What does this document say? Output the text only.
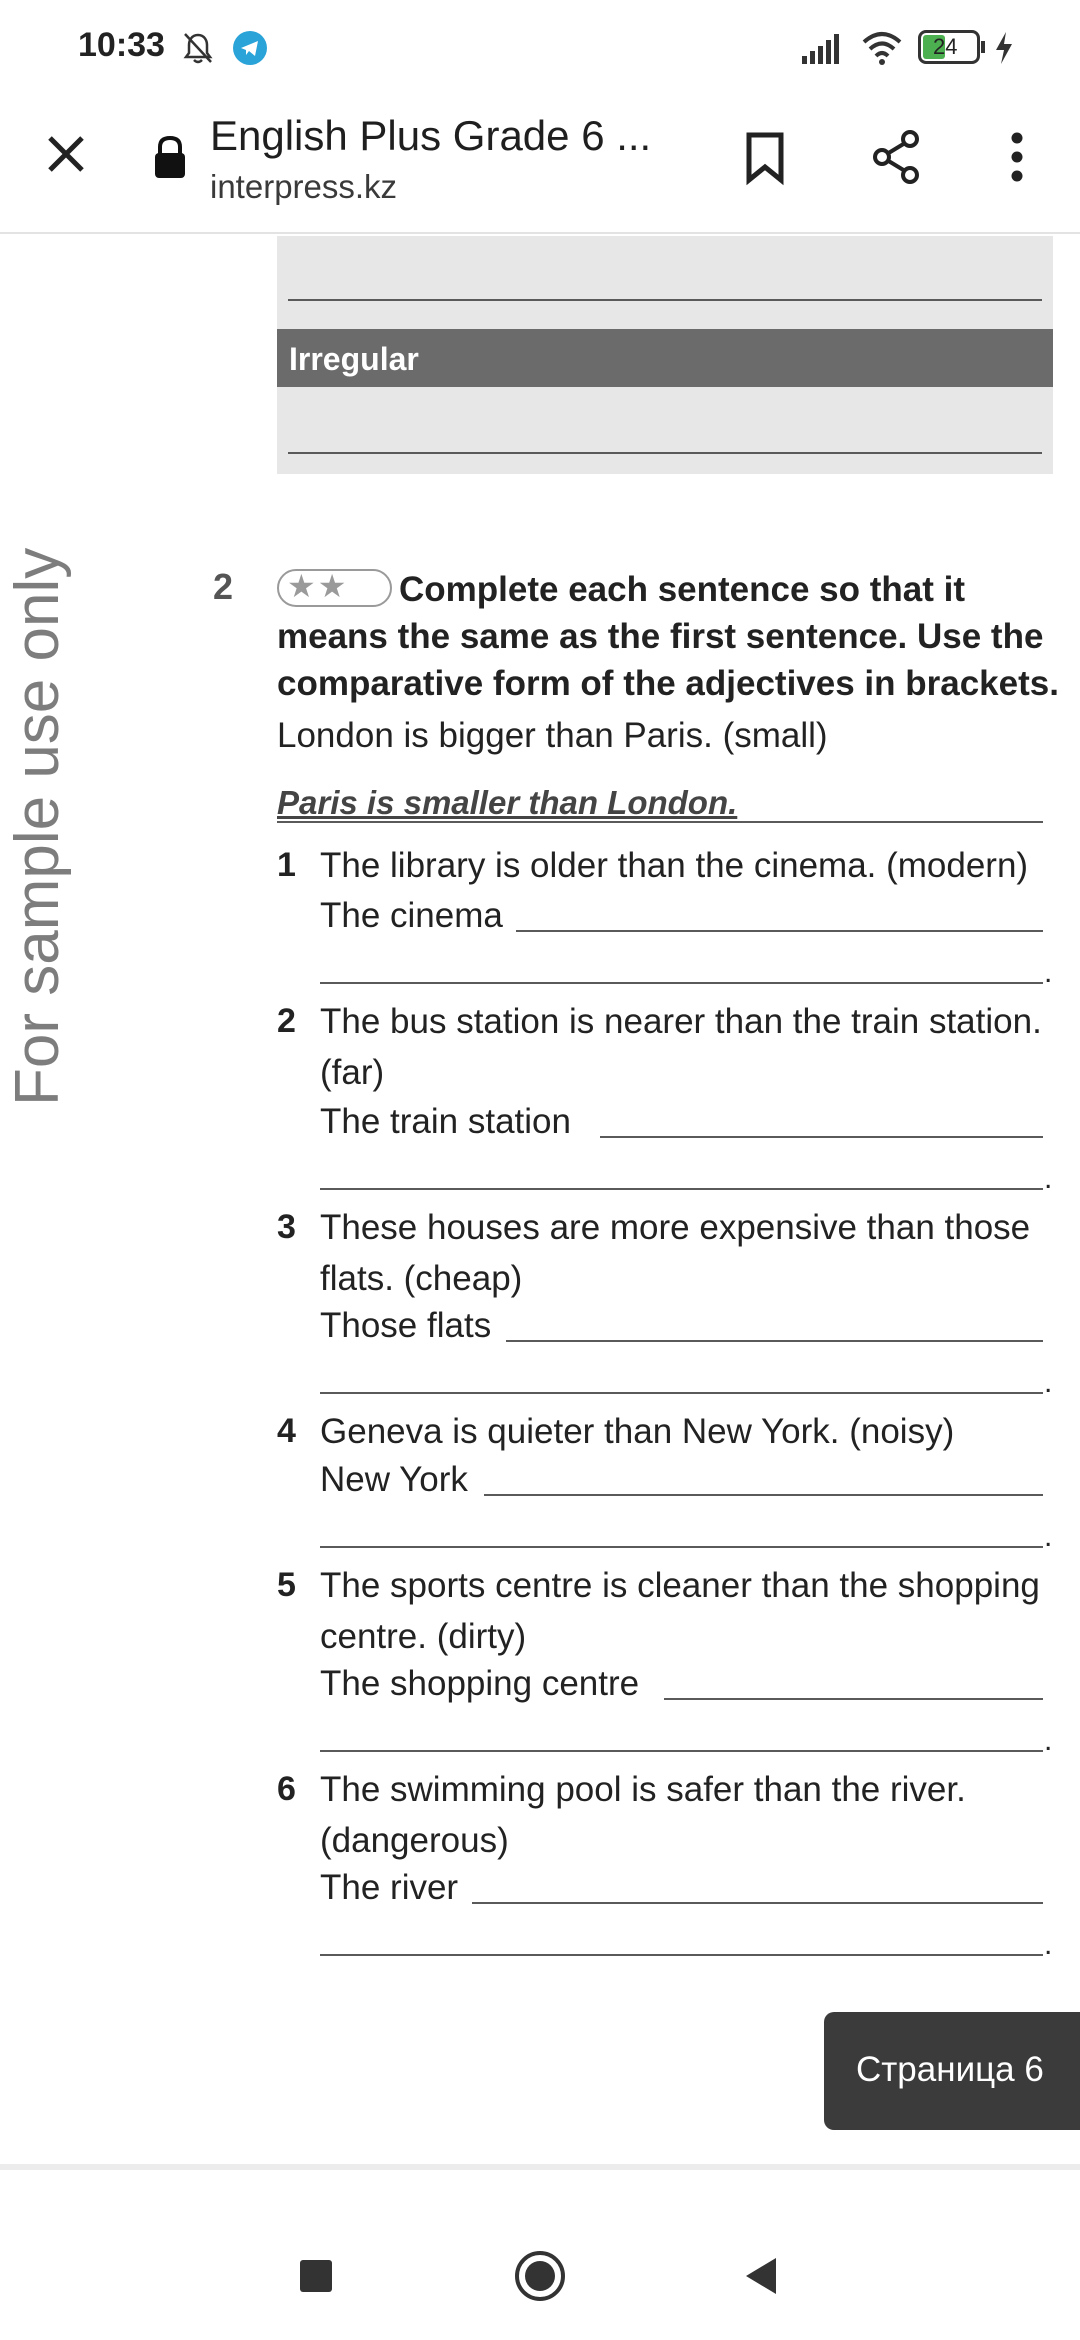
10:33	24
English Plus Grade 6 ...
interpress.kz
Irregular
For sample use only	2 ★★	Complete each sentence so that it means the same as the first sentence. Use the comparative form of the adjectives in brackets.
London is bigger than Paris. (small)
Paris is smaller than London.
1 The library is older than the cinema. (modern)
The cinema
.
2 The bus station is nearer than the train station. (far)
The train station
.
3 These houses are more expensive than those flats. (cheap)
Those flats
.
4 Geneva is quieter than New York. (noisy)
New York
.
5 The sports centre is cleaner than the shopping centre. (dirty)
The shopping centre
.
6 The swimming pool is safer than the river. (dangerous)
The river
.
Страница 6
